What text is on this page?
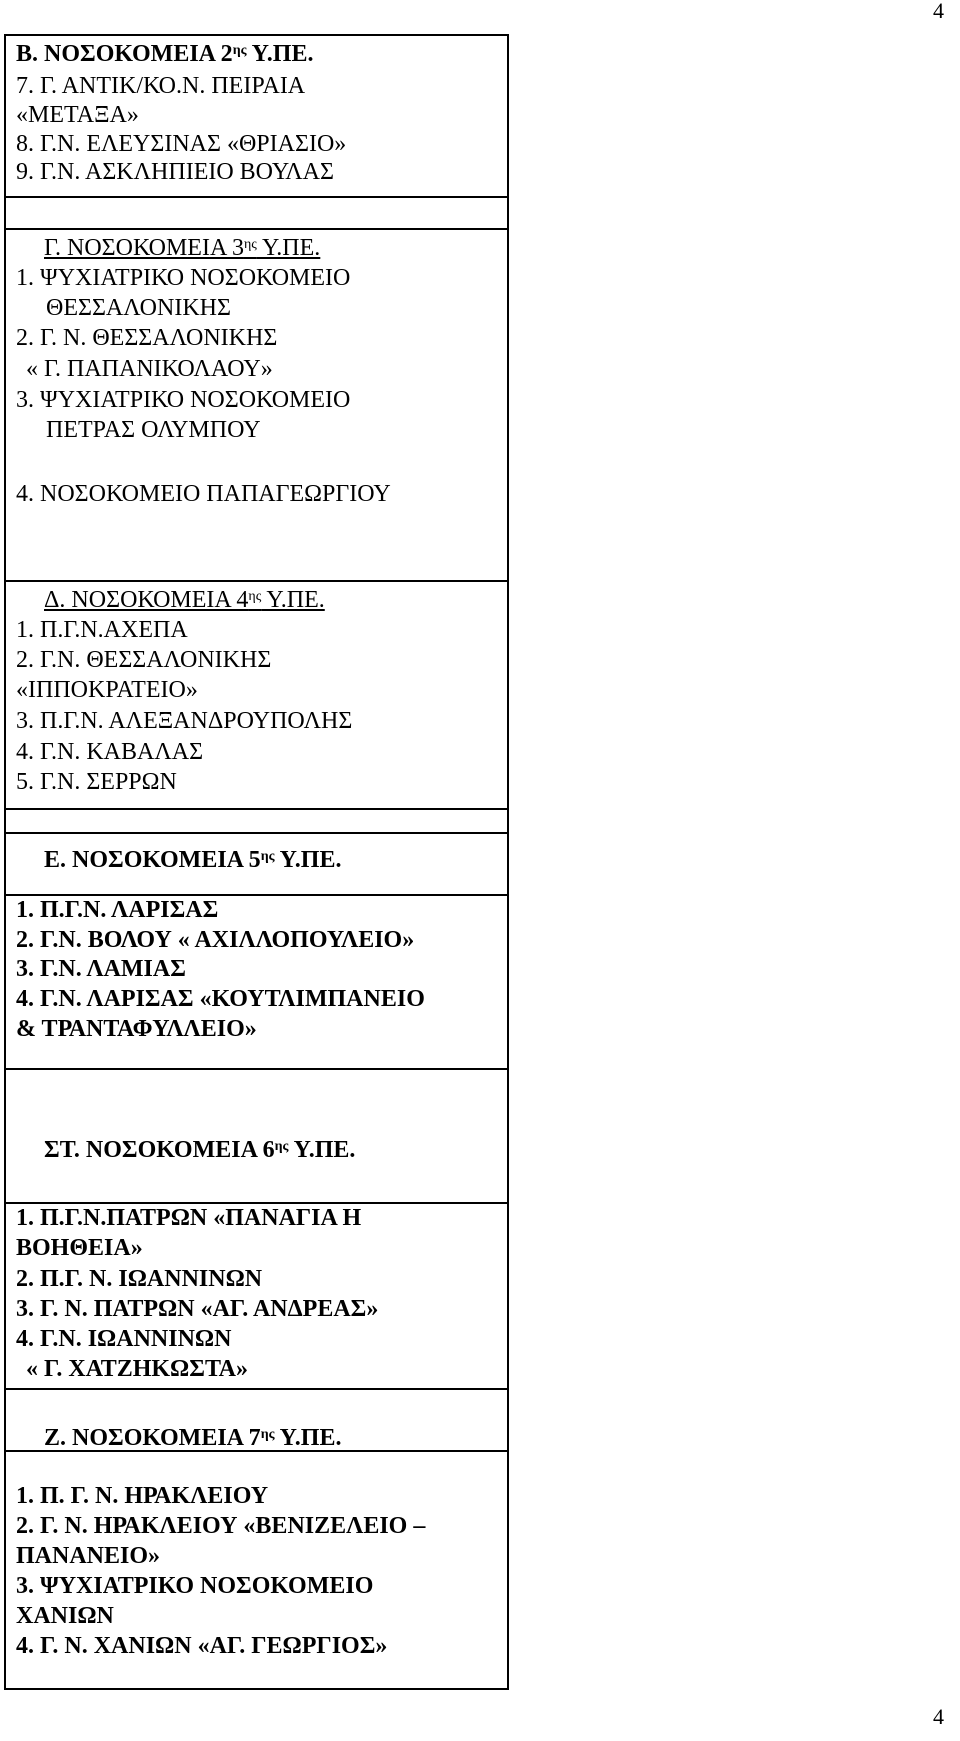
4
Β. ΝΟΣΟΚΟΜΕΙΑ $2^{\eta\varsigma}$ Υ.ΠΕ.
7. Γ. ΑΝΤΙΚ/ΚΟ.Ν. ΠΕΙΡΑΙΑ
«ΜΕΤΑΞΑ»
8. Γ.Ν. ΕΛΕΥΣΙΝΑΣ «ΘΡΙΑΣΙΟ»
9. Γ.Ν. ΑΣΚΛΗΠΙΕΙΟ ΒΟΥΛΑΣ
Γ. ΝΟΣΟΚΟΜΕΙΑ $3^{\eta\varsigma}$ Υ.ΠΕ.
1. ΨΥΧΙΑΤΡΙΚΟ ΝΟΣΟΚΟΜΕΙΟ
ΘΕΣΣΑΛΟΝΙΚΗΣ
2. Γ. Ν. ΘΕΣΣΑΛΟΝΙΚΗΣ
« Γ. ΠΑΠΑΝΙΚΟΛΑΟΥ»
3. ΨΥΧΙΑΤΡΙΚΟ ΝΟΣΟΚΟΜΕΙΟ
ΠΕΤΡΑΣ ΟΛΥΜΠΟΥ
4. ΝΟΣΟΚΟΜΕΙΟ ΠΑΠΑΓΕΩΡΓΙΟΥ
Δ. ΝΟΣΟΚΟΜΕΙΑ $4^{\eta\varsigma}$ Υ.ΠΕ.
1. Π.Γ.Ν.ΑΧΕΠΑ
2. Γ.Ν. ΘΕΣΣΑΛΟΝΙΚΗΣ
«ΙΠΠΟΚΡΑΤΕΙΟ»
3. Π.Γ.Ν. ΑΛΕΞΑΝΔΡΟΥΠΟΛΗΣ
4. Γ.Ν. ΚΑΒΑΛΑΣ
5. Γ.Ν. ΣΕΡΡΩΝ
Ε. ΝΟΣΟΚΟΜΕΙΑ $5^{\eta\varsigma}$ Υ.ΠΕ.
1. Π.Γ.Ν. ΛΑΡΙΣΑΣ
2. Γ.Ν. ΒΟΛΟΥ « ΑΧΙΛΛΟΠΟΥΛΕΙΟ»
3. Γ.Ν. ΛΑΜΙΑΣ
4. Γ.Ν. ΛΑΡΙΣΑΣ «ΚΟΥΤΛΙΜΠΑΝΕΙΟ
& ΤΡΑΝΤΑΦΥΛΛΕΙΟ»
ΣΤ. ΝΟΣΟΚΟΜΕΙΑ $6^{\eta\varsigma}$ Υ.ΠΕ.
1. Π.Γ.Ν.ΠΑΤΡΩΝ «ΠΑΝΑΓΙΑ Η
ΒΟΗΘΕΙΑ»
2. Π.Γ. Ν. ΙΩΑΝΝΙΝΩΝ
3. Γ. Ν. ΠΑΤΡΩΝ «ΑΓ. ΑΝΔΡΕΑΣ»
4. Γ.Ν. ΙΩΑΝΝΙΝΩΝ
« Γ. ΧΑΤΖΗΚΩΣΤΑ»
Ζ. ΝΟΣΟΚΟΜΕΙΑ $7^{\eta\varsigma}$ Υ.ΠΕ.
1. Π. Γ. Ν. ΗΡΑΚΛΕΙΟΥ
2. Γ. Ν. ΗΡΑΚΛΕΙΟΥ «ΒΕΝΙΖΕΛΕΙΟ –
ΠΑΝΑΝΕΙΟ»
3. ΨΥΧΙΑΤΡΙΚΟ ΝΟΣΟΚΟΜΕΙΟ
ΧΑΝΙΩΝ
4. Γ. Ν. ΧΑΝΙΩΝ «ΑΓ. ΓΕΩΡΓΙΟΣ»
4
